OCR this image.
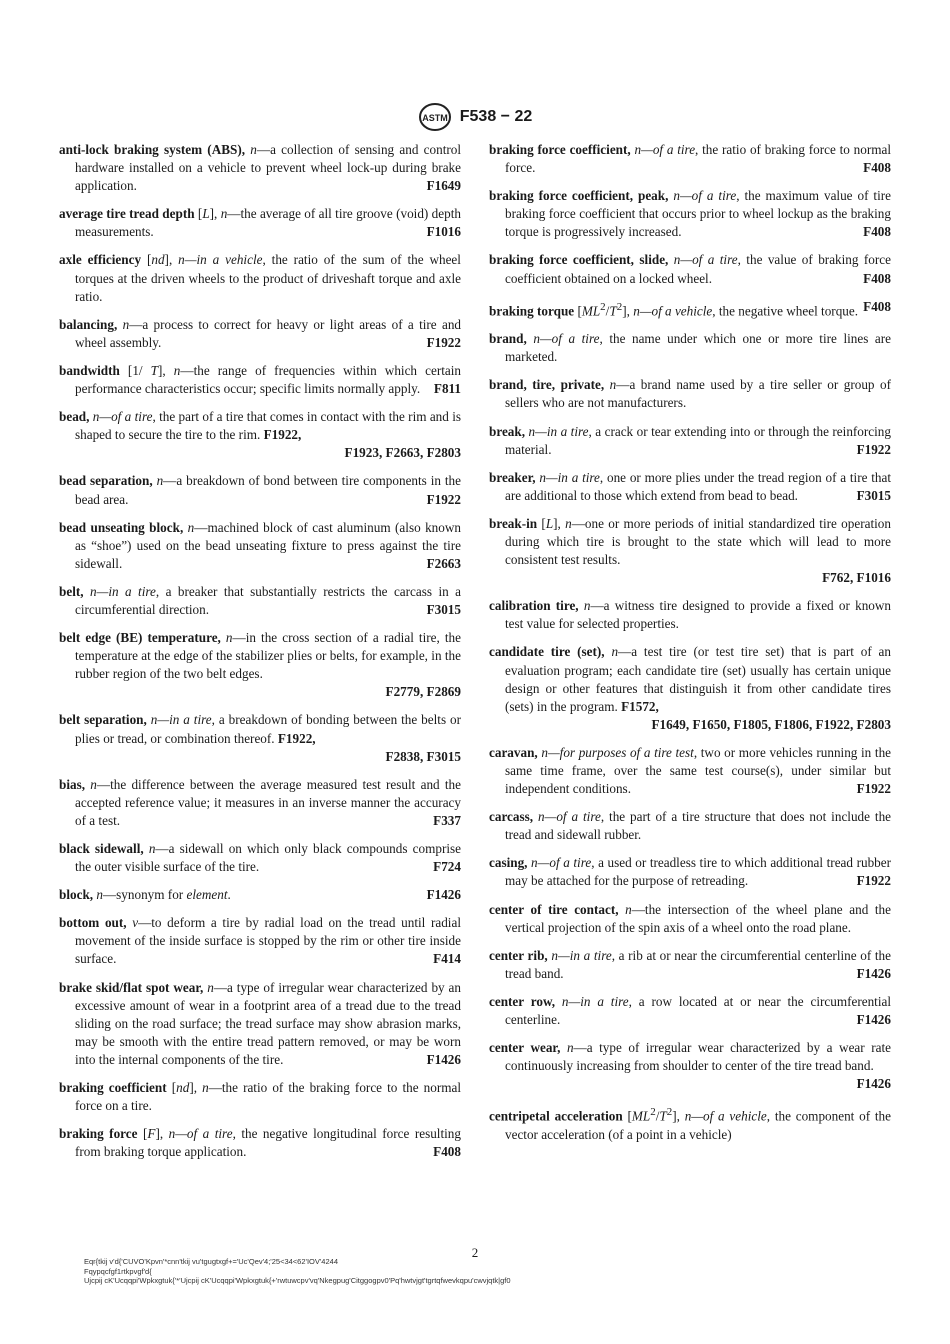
ASTM F538 − 22

anti-lock braking system (ABS), n—a collection of sensing and control hardware installed on a vehicle to prevent wheel lock-up during brake application.	F1649

average tire tread depth [L], n—the average of all tire groove (void) depth measurements.	F1016

axle efficiency [nd], n—in a vehicle, the ratio of the sum of the wheel torques at the driven wheels to the product of driveshaft torque and axle ratio.

balancing, n—a process to correct for heavy or light areas of a tire and wheel assembly.	F1922

bandwidth [1/ T], n—the range of frequencies within which certain performance characteristics occur; specific limits normally apply. F811

bead, n—of a tire, the part of a tire that comes in contact with the rim and is shaped to secure the tire to the rim. F1922,
F1923, F2663, F2803

bead separation, n—a breakdown of bond between tire components in the bead area.	F1922

bead unseating block, n—machined block of cast aluminum (also known as “shoe”) used on the bead unseating fixture to press against the tire sidewall.	F2663

belt, n—in a tire, a breaker that substantially restricts the carcass in a circumferential direction.	F3015

belt edge (BE) temperature, n—in the cross section of a radial tire, the temperature at the edge of the stabilizer plies or belts, for example, in the rubber region of the two belt edges.
F2779, F2869

belt separation, n—in a tire, a breakdown of bonding between the belts or plies or tread, or combination thereof. F1922,
F2838, F3015

bias, n—the difference between the average measured test result and the accepted reference value; it measures in an inverse manner the accuracy of a test.	F337

black sidewall, n—a sidewall on which only black compounds comprise the outer visible surface of the tire.	F724

block, n—synonym for element.	F1426

bottom out, v—to deform a tire by radial load on the tread until radial movement of the inside surface is stopped by the rim or other tire inside surface.	F414

brake skid/flat spot wear, n—a type of irregular wear characterized by an excessive amount of wear in a footprint area of a tread due to the tread sliding on the road surface; the tread surface may show abrasion marks, may be smooth with the entire tread pattern removed, or may be worn into the internal components of the tire.	F1426

braking coefficient [nd], n—the ratio of the braking force to the normal force on a tire.

braking force [F], n—of a tire, the negative longitudinal force resulting from braking torque application.	F408

braking force coefficient, n—of a tire, the ratio of braking force to normal force.	F408

braking force coefficient, peak, n—of a tire, the maximum value of tire braking force coefficient that occurs prior to wheel lockup as the braking torque is progressively increased.	F408

braking force coefficient, slide, n—of a tire, the value of braking force coefficient obtained on a locked wheel.	F408

braking torque $[ML^2/T^2]$, n—of a vehicle, the negative wheel torque. F408

brand, n—of a tire, the name under which one or more tire lines are marketed.

brand, tire, private, n—a brand name used by a tire seller or group of sellers who are not manufacturers.

break, n—in a tire, a crack or tear extending into or through the reinforcing material.	F1922

breaker, n—in a tire, one or more plies under the tread region of a tire that are additional to those which extend from bead to bead.	F3015

break-in [L], n—one or more periods of initial standardized tire operation during which tire is brought to the state which will lead to more consistent test results.
F762, F1016

calibration tire, n—a witness tire designed to provide a fixed or known test value for selected properties.

candidate tire (set), n—a test tire (or test tire set) that is part of an evaluation program; each candidate tire (set) usually has certain unique design or other features that distinguish it from other candidate tires (sets) in the program. F1572,
F1649, F1650, F1805, F1806, F1922, F2803

caravan, n—for purposes of a tire test, two or more vehicles running in the same time frame, over the same test course(s), under similar but independent conditions.	F1922

carcass, n—of a tire, the part of a tire structure that does not include the tread and sidewall rubber.

casing, n—of a tire, a used or treadless tire to which additional tread rubber may be attached for the purpose of retreading.	F1922

center of tire contact, n—the intersection of the wheel plane and the vertical projection of the spin axis of a wheel onto the road plane.

center rib, n—in a tire, a rib at or near the circumferential centerline of the tread band.	F1426

center row, n—in a tire, a row located at or near the circumferential centerline.	F1426

center wear, n—a type of irregular wear characterized by a wear rate continuously increasing from shoulder to center of the tire tread band.
F1426

centripetal acceleration $[ML^2/T^2]$, n—of a vehicle, the component of the vector acceleration (of a point in a vehicle)

2
Eqr{tkij v'd{'CUVO'Kpvn'*cnn'tkij vu'tgugtxgf+='Uc'Qev'4;'25<34<62'IOV'4244
Fqypqcfgf1rtkpvgf'd{
Ujcpij cK'Ucqqpi'Wpkxgtuk{'*'Ujcpij cK'Ucqqpi'Wpkxgtuk{+'rwtuwcpv'vq'Nkegpug'Citggogpv0'Pq'hwtvjgt'tgrtqfwevkqpu'cwvjqtk|gf0
